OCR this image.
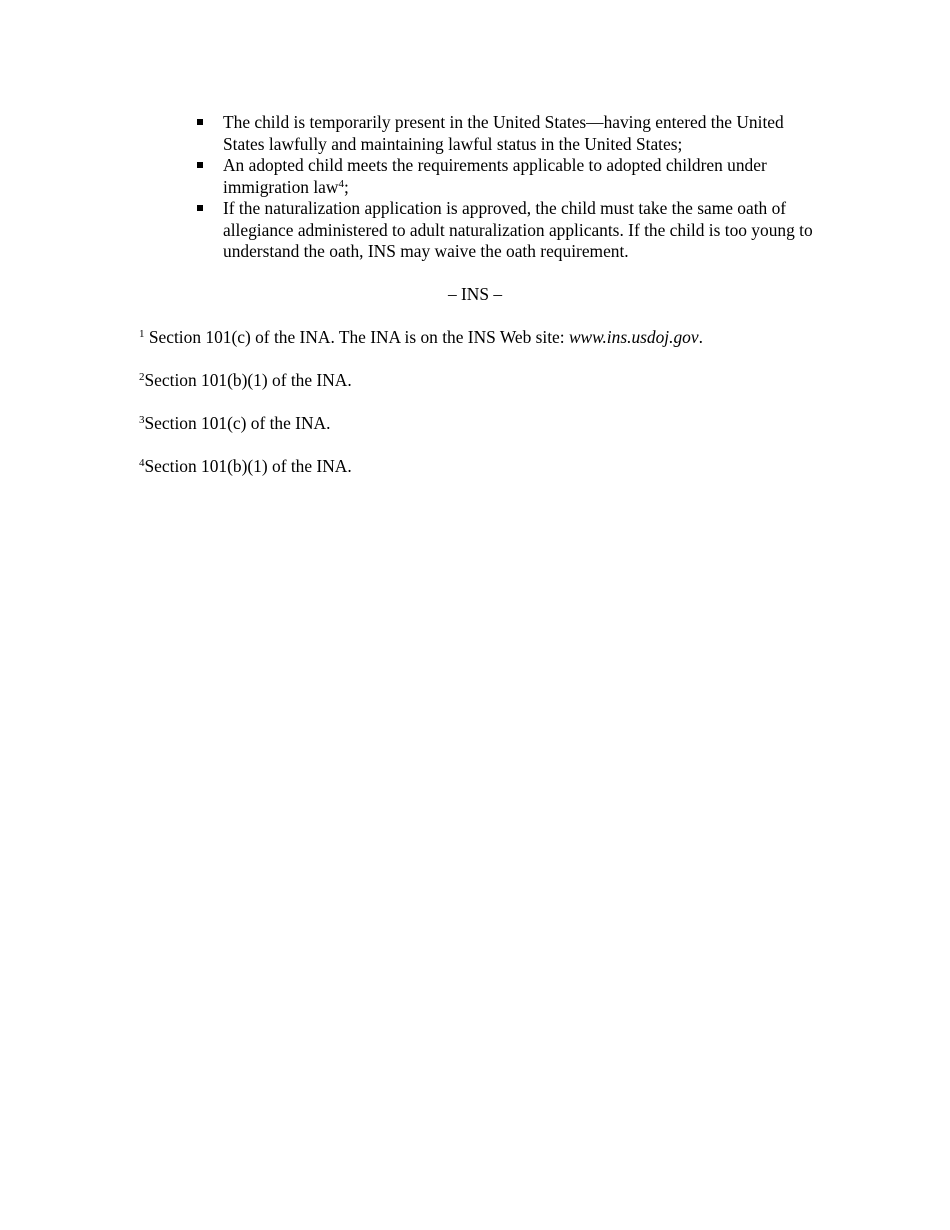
The child is temporarily present in the United States—having entered the United States lawfully and maintaining lawful status in the United States;
An adopted child meets the requirements applicable to adopted children under immigration law$^4$;
If the naturalization application is approved, the child must take the same oath of allegiance administered to adult naturalization applicants. If the child is too young to understand the oath, INS may waive the oath requirement.

– INS –

$^1$ Section 101(c) of the INA. The INA is on the INS Web site: www.ins.usdoj.gov.

$^2$Section 101(b)(1) of the INA.

$^3$Section 101(c) of the INA.

$^4$Section 101(b)(1) of the INA.
